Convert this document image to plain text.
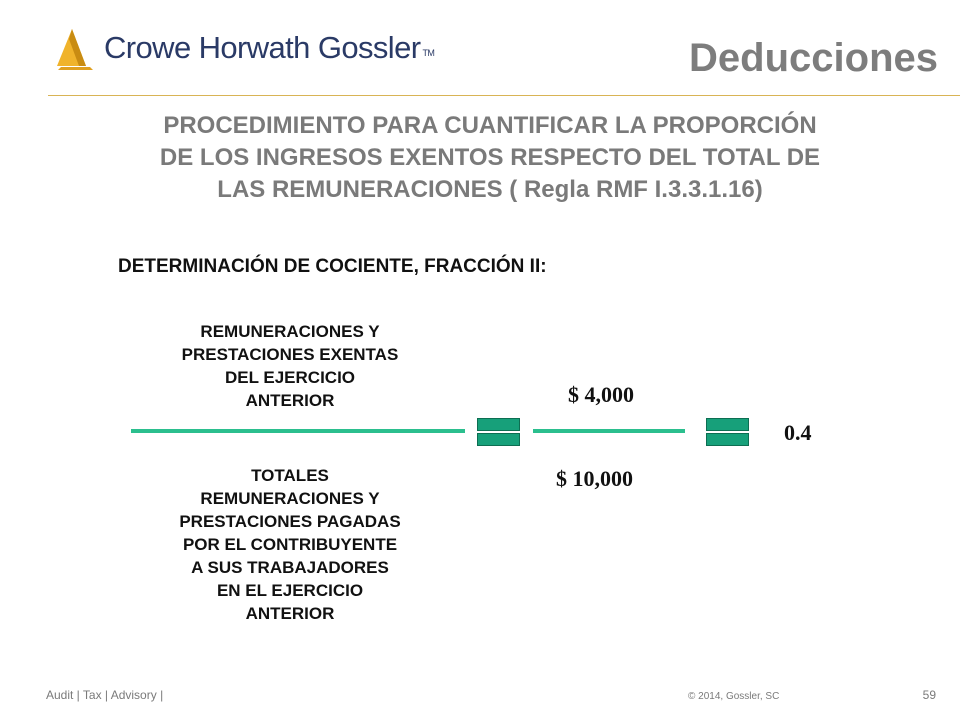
Crowe Horwath Gossler TM	Deducciones
PROCEDIMIENTO PARA CUANTIFICAR LA PROPORCIÓN
DE LOS INGRESOS EXENTOS RESPECTO DEL TOTAL DE
LAS REMUNERACIONES ( Regla RMF I.3.3.1.16)
DETERMINACIÓN DE COCIENTE, FRACCIÓN II:
REMUNERACIONES Y
PRESTACIONES EXENTAS
DEL EJERCICIO
ANTERIOR	$ 4,000
$ 10,000
0.4
TOTALES
REMUNERACIONES Y
PRESTACIONES PAGADAS
POR EL CONTRIBUYENTE
A SUS TRABAJADORES
EN EL EJERCICIO
ANTERIOR
Audit | Tax | Advisory |	© 2014, Gossler, SC	59
